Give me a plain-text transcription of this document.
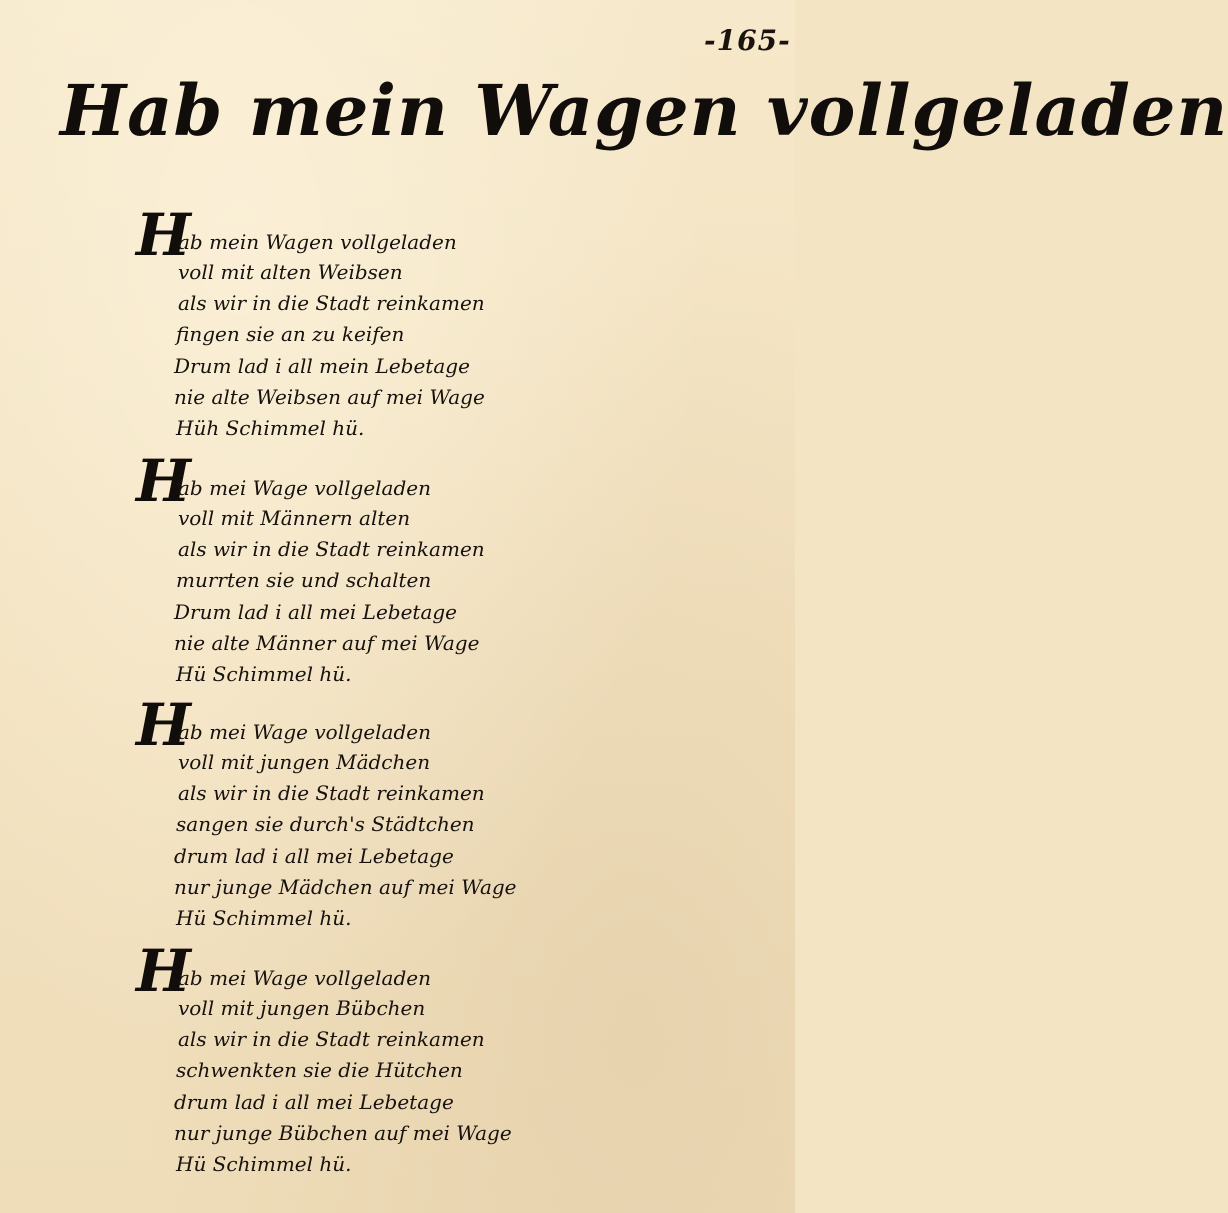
-165-
Hab mein Wagen vollgeladen
H
ab mein Wagen vollgeladen
voll mit alten Weibsen
als wir in die Stadt reinkamen
fingen sie an zu keifen
Drum lad i all mein Lebetage
nie alte Weibsen auf mei Wage
Hüh Schimmel hü.
H
ab mei Wage vollgeladen
voll mit Männern alten
als wir in die Stadt reinkamen
murrten sie und schalten
Drum lad i all mei Lebetage
nie alte Männer auf mei Wage
Hü Schimmel hü.
H
ab mei Wage vollgeladen
voll mit jungen Mädchen
als wir in die Stadt reinkamen
sangen sie durch's Städtchen
drum lad i all mei Lebetage
nur junge Mädchen auf mei Wage
Hü Schimmel hü.
H
ab mei Wage vollgeladen
voll mit jungen Bübchen
als wir in die Stadt reinkamen
schwenkten sie die Hütchen
drum lad i all mei Lebetage
nur junge Bübchen auf mei Wage
Hü Schimmel hü.
